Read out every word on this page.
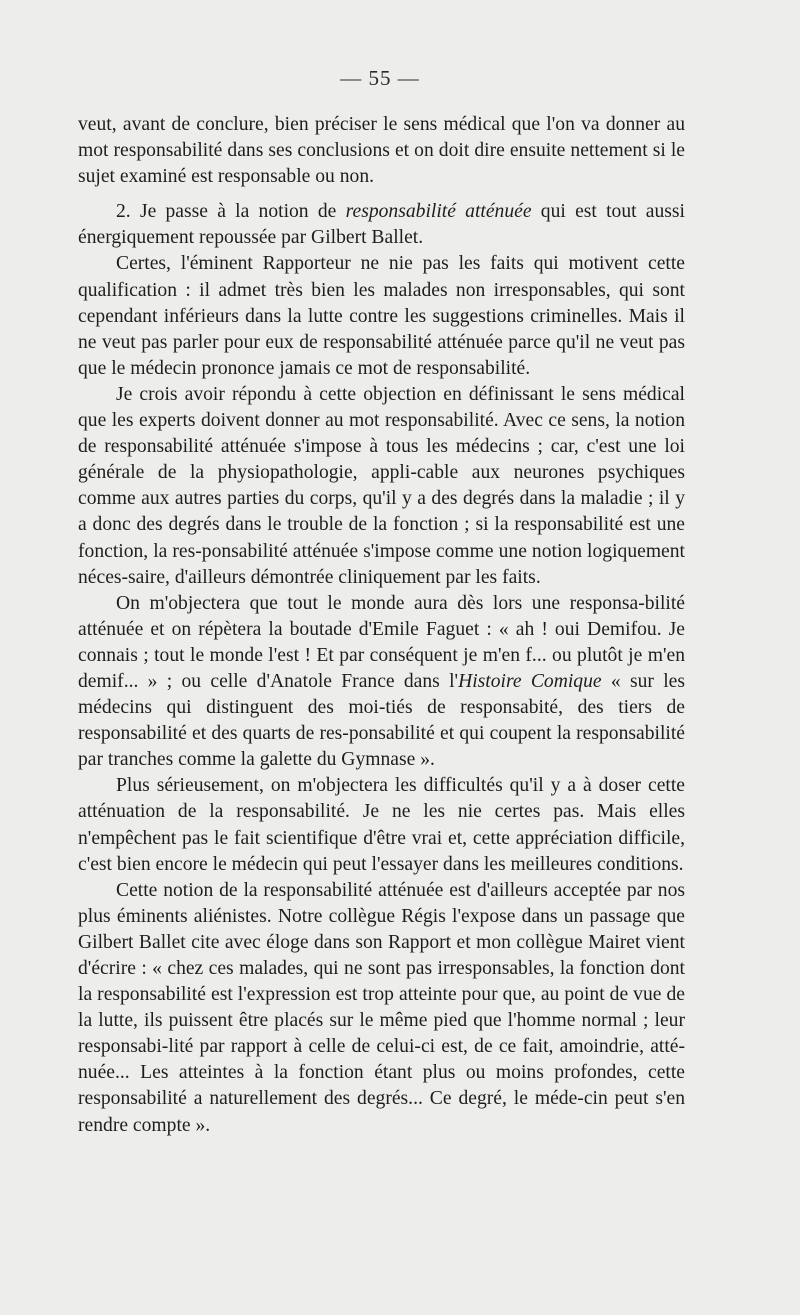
— 55 —

veut, avant de conclure, bien préciser le sens médical que l'on va donner au mot responsabilité dans ses conclusions et on doit dire ensuite nettement si le sujet examiné est responsable ou non.

2. Je passe à la notion de responsabilité atténuée qui est tout aussi énergiquement repoussée par Gilbert Ballet.

Certes, l'éminent Rapporteur ne nie pas les faits qui motivent cette qualification : il admet très bien les malades non irresponsables, qui sont cependant inférieurs dans la lutte contre les suggestions criminelles. Mais il ne veut pas parler pour eux de responsabilité atténuée parce qu'il ne veut pas que le médecin prononce jamais ce mot de responsabilité.

Je crois avoir répondu à cette objection en définissant le sens médical que les experts doivent donner au mot responsabilité. Avec ce sens, la notion de responsabilité atténuée s'impose à tous les médecins ; car, c'est une loi générale de la physiopathologie, appli-cable aux neurones psychiques comme aux autres parties du corps, qu'il y a des degrés dans la maladie ; il y a donc des degrés dans le trouble de la fonction ; si la responsabilité est une fonction, la res-ponsabilité atténuée s'impose comme une notion logiquement néces-saire, d'ailleurs démontrée cliniquement par les faits.

On m'objectera que tout le monde aura dès lors une responsa-bilité atténuée et on répètera la boutade d'Emile Faguet : « ah ! oui Demifou. Je connais ; tout le monde l'est ! Et par conséquent je m'en f... ou plutôt je m'en demif... » ; ou celle d'Anatole France dans l'Histoire Comique « sur les médecins qui distinguent des moi-tiés de responsabité, des tiers de responsabilité et des quarts de res-ponsabilité et qui coupent la responsabilité par tranches comme la galette du Gymnase ».

Plus sérieusement, on m'objectera les difficultés qu'il y a à doser cette atténuation de la responsabilité. Je ne les nie certes pas. Mais elles n'empêchent pas le fait scientifique d'être vrai et, cette appréciation difficile, c'est bien encore le médecin qui peut l'essayer dans les meilleures conditions.

Cette notion de la responsabilité atténuée est d'ailleurs acceptée par nos plus éminents aliénistes. Notre collègue Régis l'expose dans un passage que Gilbert Ballet cite avec éloge dans son Rapport et mon collègue Mairet vient d'écrire : « chez ces malades, qui ne sont pas irresponsables, la fonction dont la responsabilité est l'expression est trop atteinte pour que, au point de vue de la lutte, ils puissent être placés sur le même pied que l'homme normal ; leur responsabi-lité par rapport à celle de celui-ci est, de ce fait, amoindrie, atté-nuée... Les atteintes à la fonction étant plus ou moins profondes, cette responsabilité a naturellement des degrés... Ce degré, le méde-cin peut s'en rendre compte ».
